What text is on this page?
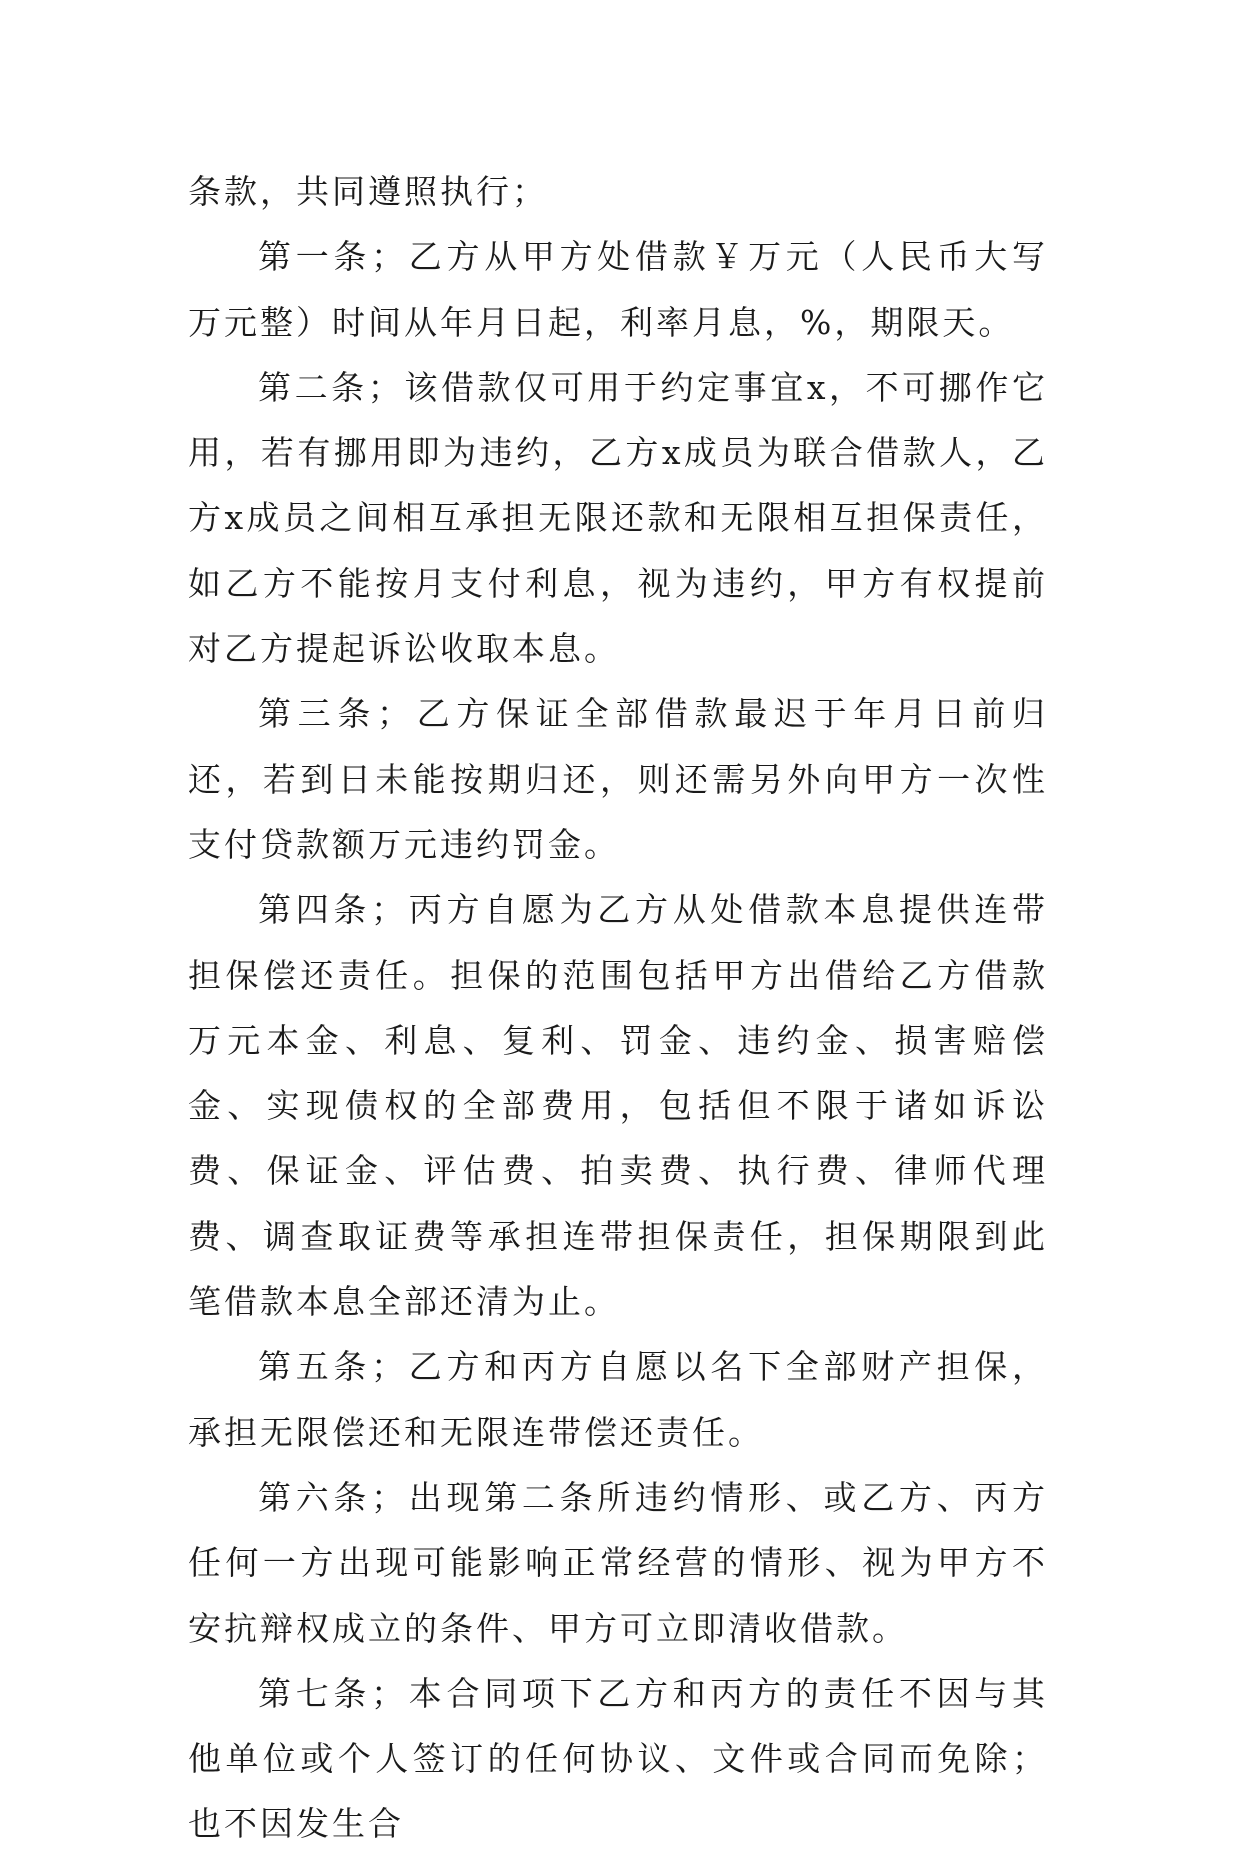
条款，共同遵照执行；

第一条；乙方从甲方处借款￥万元（人民币大写万元整）时间从年月日起，利率月息，%，期限天。

第二条；该借款仅可用于约定事宜x，不可挪作它用，若有挪用即为违约，乙方x成员为联合借款人，乙方x成员之间相互承担无限还款和无限相互担保责任，如乙方不能按月支付利息，视为违约，甲方有权提前对乙方提起诉讼收取本息。

第三条；乙方保证全部借款最迟于年月日前归还，若到日未能按期归还，则还需另外向甲方一次性支付贷款额万元违约罚金。

第四条；丙方自愿为乙方从处借款本息提供连带担保偿还责任。担保的范围包括甲方出借给乙方借款万元本金、利息、复利、罚金、违约金、损害赔偿金、实现债权的全部费用，包括但不限于诸如诉讼费、保证金、评估费、拍卖费、执行费、律师代理费、调查取证费等承担连带担保责任，担保期限到此笔借款本息全部还清为止。

第五条；乙方和丙方自愿以名下全部财产担保，承担无限偿还和无限连带偿还责任。

第六条；出现第二条所违约情形、或乙方、丙方任何一方出现可能影响正常经营的情形、视为甲方不安抗辩权成立的条件、甲方可立即清收借款。

第七条；本合同项下乙方和丙方的责任不因与其他单位或个人签订的任何协议、文件或合同而免除；也不因发生合
